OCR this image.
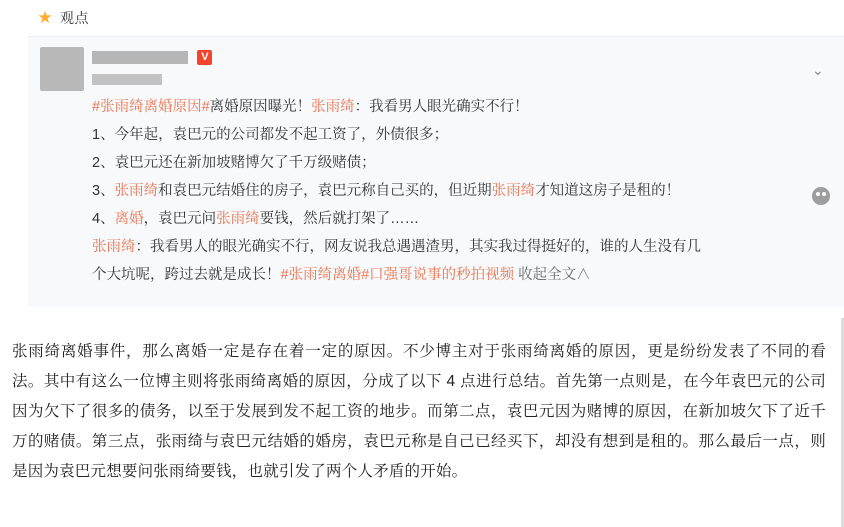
★ 观点
V
⌄
#张雨绮离婚原因#离婚原因曝光！张雨绮：我看男人眼光确实不行！
1、今年起，袁巴元的公司都发不起工资了，外债很多；
2、袁巴元还在新加坡赌博欠了千万级赌债；
3、张雨绮和袁巴元结婚住的房子，袁巴元称自己买的，但近期张雨绮才知道这房子是租的！
4、离婚，袁巴元问张雨绮要钱，然后就打架了……
张雨绮：我看男人的眼光确实不行，网友说我总遇遇渣男，其实我过得挺好的，谁的人生没有几
个大坑呢，跨过去就是成长！#张雨绮离婚#口强哥说事的秒拍视频 收起全文∧

张雨绮离婚事件，那么离婚一定是存在着一定的原因。不少博主对于张雨绮离婚的原因，更是纷纷发表了不同的看法。其中有这么一位博主则将张雨绮离婚的原因，分成了以下 4 点进行总结。首先第一点则是，在今年袁巴元的公司因为欠下了很多的债务，以至于发展到发不起工资的地步。而第二点，袁巴元因为赌博的原因，在新加坡欠下了近千万的赌债。第三点，张雨绮与袁巴元结婚的婚房，袁巴元称是自己已经买下，却没有想到是租的。那么最后一点，则是因为袁巴元想要问张雨绮要钱，也就引发了两个人矛盾的开始。
